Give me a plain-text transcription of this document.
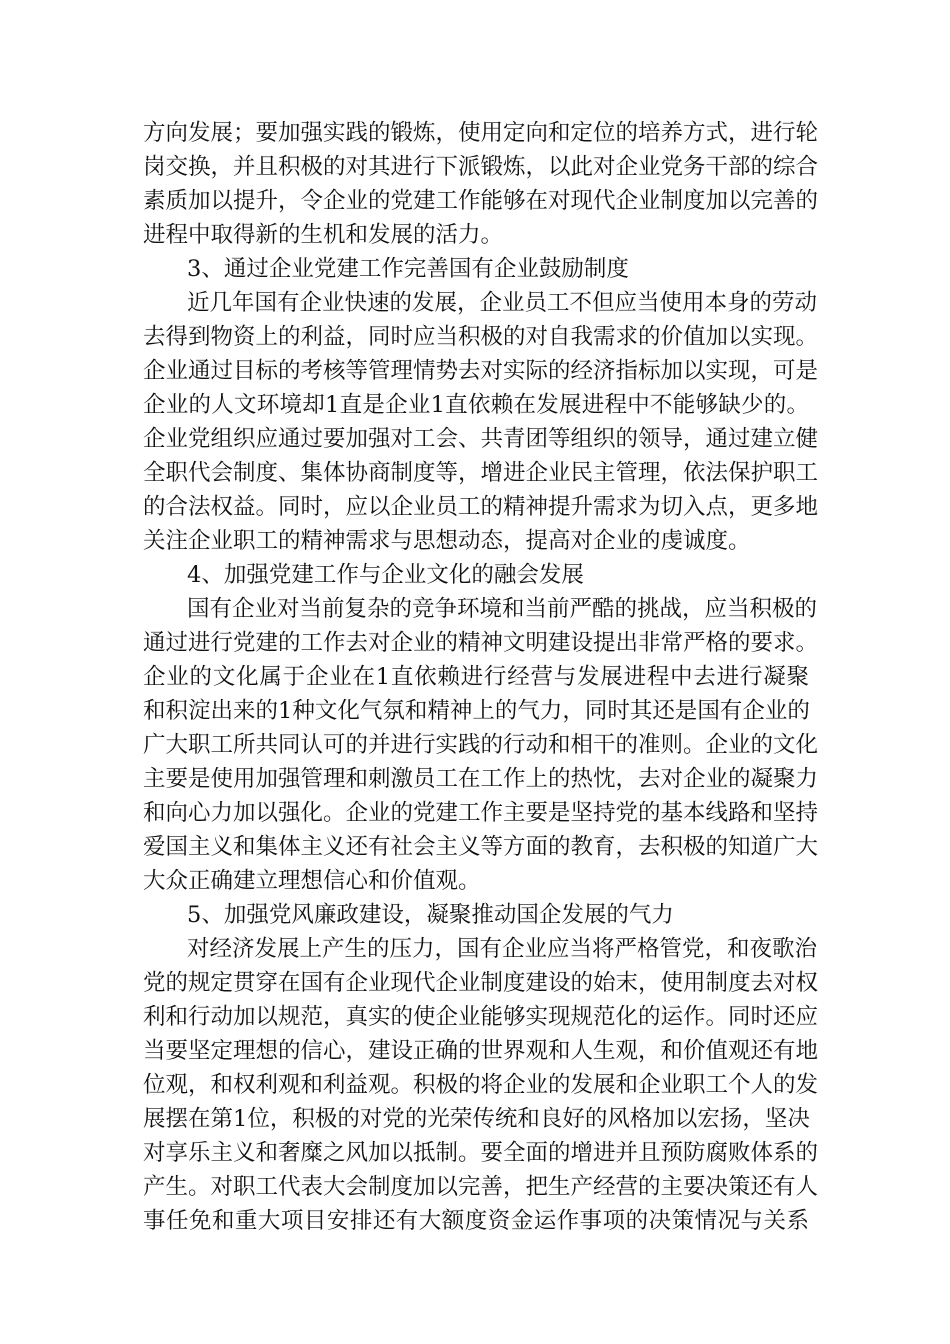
方向发展；要加强实践的锻炼，使用定向和定位的培养方式，进行轮
岗交换，并且积极的对其进行下派锻炼，以此对企业党务干部的综合
素质加以提升，令企业的党建工作能够在对现代企业制度加以完善的
进程中取得新的生机和发展的活力。
3、通过企业党建工作完善国有企业鼓励制度
近几年国有企业快速的发展，企业员工不但应当使用本身的劳动
去得到物资上的利益，同时应当积极的对自我需求的价值加以实现。
企业通过目标的考核等管理情势去对实际的经济指标加以实现，可是
企业的人文环境却1直是企业1直依赖在发展进程中不能够缺少的。
企业党组织应通过要加强对工会、共青团等组织的领导，通过建立健
全职代会制度、集体协商制度等，增进企业民主管理，依法保护职工
的合法权益。同时，应以企业员工的精神提升需求为切入点，更多地
关注企业职工的精神需求与思想动态，提高对企业的虔诚度。
4、加强党建工作与企业文化的融会发展
国有企业对当前复杂的竞争环境和当前严酷的挑战，应当积极的
通过进行党建的工作去对企业的精神文明建设提出非常严格的要求。
企业的文化属于企业在1直依赖进行经营与发展进程中去进行凝聚
和积淀出来的1种文化气氛和精神上的气力，同时其还是国有企业的
广大职工所共同认可的并进行实践的行动和相干的准则。企业的文化
主要是使用加强管理和刺激员工在工作上的热忱，去对企业的凝聚力
和向心力加以强化。企业的党建工作主要是坚持党的基本线路和坚持
爱国主义和集体主义还有社会主义等方面的教育，去积极的知道广大
大众正确建立理想信心和价值观。
5、加强党风廉政建设，凝聚推动国企发展的气力
对经济发展上产生的压力，国有企业应当将严格管党，和夜歌治
党的规定贯穿在国有企业现代企业制度建设的始末，使用制度去对权
利和行动加以规范，真实的使企业能够实现规范化的运作。同时还应
当要坚定理想的信心，建设正确的世界观和人生观，和价值观还有地
位观，和权利观和利益观。积极的将企业的发展和企业职工个人的发
展摆在第1位，积极的对党的光荣传统和良好的风格加以宏扬，坚决
对享乐主义和奢糜之风加以抵制。要全面的增进并且预防腐败体系的
产生。对职工代表大会制度加以完善，把生产经营的主要决策还有人
事任免和重大项目安排还有大额度资金运作事项的决策情况与关系
